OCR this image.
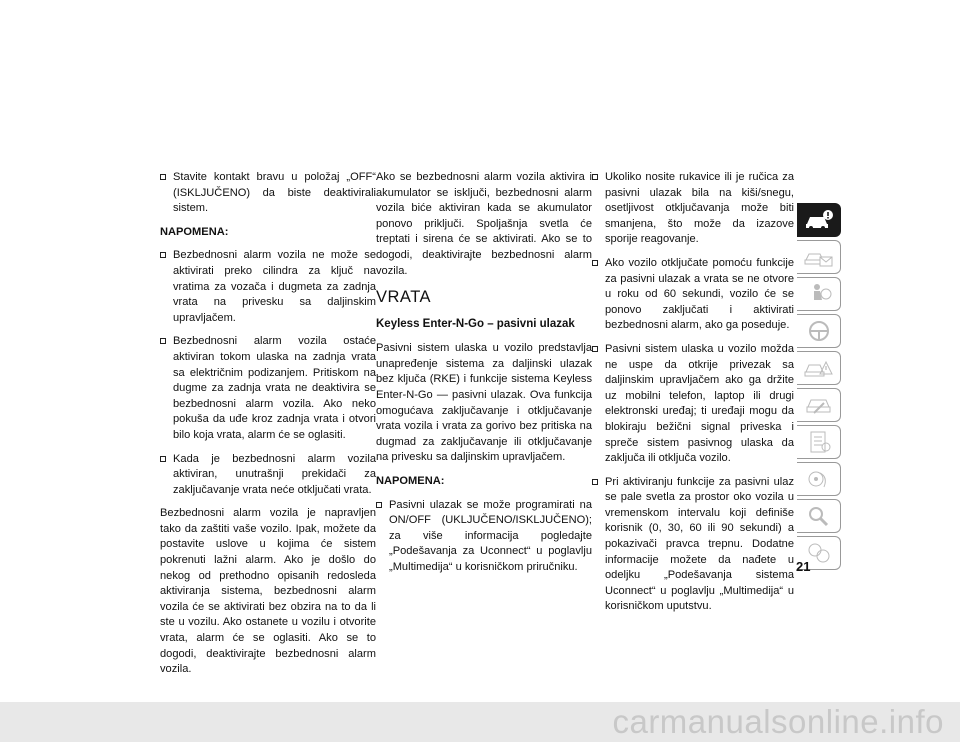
Stavite kontakt bravu u položaj „OFF“ (ISKLJUČENO) da biste deaktivirali sistem.
NAPOMENA:
Bezbednosni alarm vozila ne može se aktivirati preko cilindra za ključ na vratima za vozača i dugmeta za zadnja vrata na privesku sa daljinskim upravljačem.
Bezbednosni alarm vozila ostaće aktiviran tokom ulaska na zadnja vrata sa električnim podizanjem. Pritiskom na dugme za zadnja vrata ne deaktivira se bezbednosni alarm vozila. Ako neko pokuša da uđe kroz zadnja vrata i otvori bilo koja vrata, alarm će se oglasiti.
Kada je bezbednosni alarm vozila aktiviran, unutrašnji prekidači za zaključavanje vrata neće otključati vrata.

Bezbednosni alarm vozila je napravljen tako da zaštiti vaše vozilo. Ipak, možete da postavite uslove u kojima će sistem pokrenuti lažni alarm. Ako je došlo do nekog od prethodno opisanih redosleda aktiviranja sistema, bezbednosni alarm vozila će se aktivirati bez obzira na to da li ste u vozilu. Ako ostanete u vozilu i otvorite vrata, alarm će se oglasiti. Ako se to dogodi, deaktivirajte bezbednosni alarm vozila.

Ako se bezbednosni alarm vozila aktivira i akumulator se isključi, bezbednosni alarm vozila biće aktiviran kada se akumulator ponovo priključi. Spoljašnja svetla će treptati i sirena će se aktivirati. Ako se to dogodi, deaktivirajte bezbednosni alarm vozila.

VRATA
Keyless Enter-N-Go – pasivni ulazak

Pasivni sistem ulaska u vozilo predstavlja unapređenje sistema za daljinski ulazak bez ključa (RKE) i funkcije sistema Keyless Enter-N-Go — pasivni ulazak. Ova funkcija omogućava zaključavanje i otključavanje vrata vozila i vrata za gorivo bez pritiska na dugmad za zaključavanje ili otključavanje na privesku sa daljinskim upravljačem.

NAPOMENA:
Pasivni ulazak se može programirati na ON/OFF (UKLJUČENO/ISKLJUČENO); za više informacija pogledajte „Podešavanja za Uconnect“ u poglavlju „Multimedija“ u korisničkom priručniku.
Ukoliko nosite rukavice ili je ručica za pasivni ulazak bila na kiši/snegu, osetljivost otključavanja može biti smanjena, što može da izazove sporije reagovanje.
Ako vozilo otključate pomoću funkcije za pasivni ulazak a vrata se ne otvore u roku od 60 sekundi, vozilo će se ponovo zaključati i aktivirati bezbednosni alarm, ako ga poseduje.
Pasivni sistem ulaska u vozilo možda ne uspe da otkrije privezak sa daljinskim upravljačem ako ga držite uz mobilni telefon, laptop ili drugi elektronski uređaj; ti uređaji mogu da blokiraju bežični signal priveska i spreče sistem pasivnog ulaska da zaključa ili otključa vozilo.
Pri aktiviranju funkcije za pasivni ulaz se pale svetla za prostor oko vozila u vremenskom intervalu koji definiše korisnik (0, 30, 60 ili 90 sekundi) a pokazivači pravca trepnu. Dodatne informacije možete da nađete u odeljku „Podešavanja sistema Uconnect“ u poglavlju „Multimedija“ u korisničkom uputstvu.
21
carmanualsonline.info
